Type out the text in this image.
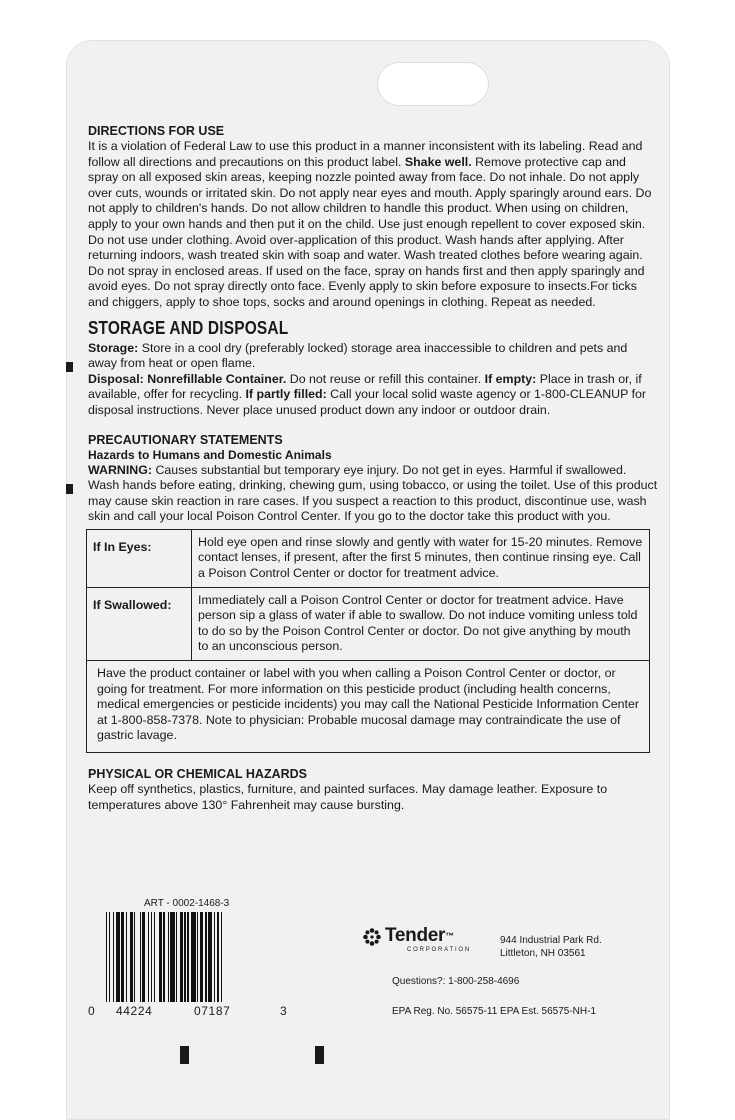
DIRECTIONS FOR USE

It is a violation of Federal Law to use this product in a manner inconsistent with its labeling. Read and follow all directions and precautions on this product label. Shake well. Remove protective cap and spray on all exposed skin areas, keeping nozzle pointed away from face. Do not inhale. Do not apply over cuts, wounds or irritated skin. Do not apply near eyes and mouth. Apply sparingly around ears. Do not apply to children's hands. Do not allow children to handle this product. When using on children, apply to your own hands and then put it on the child. Use just enough repellent to cover exposed skin. Do not use under clothing. Avoid over-application of this product. Wash hands after applying. After returning indoors, wash treated skin with soap and water. Wash treated clothes before wearing again. Do not spray in enclosed areas. If used on the face, spray on hands first and then apply sparingly and avoid eyes. Do not spray directly onto face. Evenly apply to skin before exposure to insects.For ticks and chiggers, apply to shoe tops, socks and around openings in clothing. Repeat as needed.

STORAGE AND DISPOSAL

Storage: Store in a cool dry (preferably locked) storage area inaccessible to children and pets and away from heat or open flame.

Disposal: Nonrefillable Container. Do not reuse or refill this container. If empty: Place in trash or, if available, offer for recycling. If partly filled: Call your local solid waste agency or 1-800-CLEANUP for disposal instructions. Never place unused product down any indoor or outdoor drain.

PRECAUTIONARY STATEMENTS

Hazards to Humans and Domestic Animals

WARNING: Causes substantial but temporary eye injury. Do not get in eyes. Harmful if swallowed. Wash hands before eating, drinking, chewing gum, using tobacco, or using the toilet. Use of this product may cause skin reaction in rare cases. If you suspect a reaction to this product, discontinue use, wash skin and call your local Poison Control Center. If you go to the doctor take this product with you.

If In Eyes:	Hold eye open and rinse slowly and gently with water for 15-20 minutes. Remove contact lenses, if present, after the first 5 minutes, then continue rinsing eye. Call a Poison Control Center or doctor for treatment advice.
If Swallowed:	Immediately call a Poison Control Center or doctor for treatment advice. Have person sip a glass of water if able to swallow. Do not induce vomiting unless told to do so by the Poison Control Center or doctor. Do not give anything by mouth to an unconscious person.
Have the product container or label with you when calling a Poison Control Center or doctor, or going for treatment. For more information on this pesticide product (including health concerns, medical emergencies or pesticide incidents) you may call the National Pesticide Information Center at 1-800-858-7378. Note to physician: Probable mucosal damage may contraindicate the use of gastric lavage.

PHYSICAL OR CHEMICAL HAZARDS

Keep off synthetics, plastics, furniture, and painted surfaces. May damage leather. Exposure to temperatures above 130° Fahrenheit may cause bursting.

ART - 0002-1468-3
0 44224	07187	3
Tender™
CORPORATION
944 Industrial Park Rd.
Littleton, NH 03561
Questions?: 1-800-258-4696
EPA Reg. No. 56575-11 EPA Est. 56575-NH-1
